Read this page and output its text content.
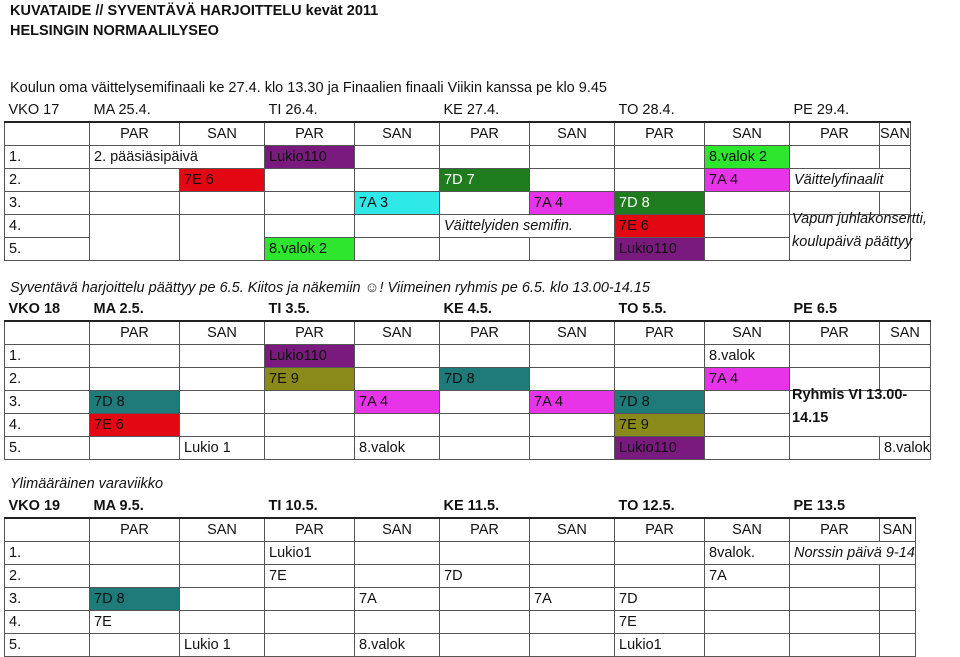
KUVATAIDE // SYVENTÄVÄ HARJOITTELU kevät 2011
HELSINGIN NORMAALILYSEO
Koulun oma väittelysemifinaali ke 27.4. klo 13.30 ja Finaalien finaali Viikin kanssa pe klo 9.45
VKO 17	MA 25.4.		TI 26.4.		KE 27.4.		TO 28.4.		PE 29.4.	
	PAR	SAN	PAR	SAN	PAR	SAN	PAR	SAN	PAR	SAN
1.	2. pääsiäsipäivä		Lukio110					8.valok 2		
2.		7E 6			7D 7			7A 4	Väittelyfinaalit	
3.				7A 3		7A 4	7D 8			
4.					Väittelyiden semifin.		7E 6			
5.			8.valok 2				Lukio110			
Vapun juhlakonsertti,
koulupäivä päättyy
Syventävä harjoittelu päättyy pe 6.5. Kiitos ja näkemiin ☺! Viimeinen ryhmis pe 6.5. klo 13.00-14.15
VKO 18	MA 2.5.		TI 3.5.		KE 4.5.		TO 5.5.		PE 6.5	
	PAR	SAN	PAR	SAN	PAR	SAN	PAR	SAN	PAR	SAN
1.			Lukio110					8.valok		
2.			7E 9		7D 8			7A 4		
3.	7D 8			7A 4		7A 4	7D 8			
4.	7E 6						7E 9			
5.		Lukio 1		8.valok			Lukio110			8.valok
Ryhmis VI 13.00-
14.15
Ylimääräinen varaviikko
VKO 19	MA 9.5.		TI 10.5.		KE 11.5.		TO 12.5.		PE 13.5	
	PAR	SAN	PAR	SAN	PAR	SAN	PAR	SAN	PAR	SAN
1.			Lukio1					8valok.	Norssin päivä 9-14	
2.			7E		7D			7A		
3.	7D 8			7A		7A	7D			
4.	7E						7E			
5.		Lukio 1		8.valok			Lukio1			
